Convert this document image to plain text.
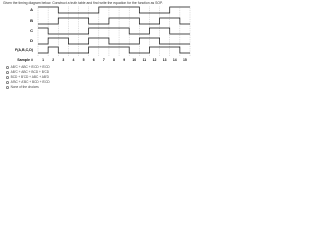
Given the timing diagram below. Construct a truth table and find write the equation for the function as SOP.
A
B
C
D
F(A,B,C,D)
Sample #	1 2 3 4 5 6 7 8 9 10 11 12 13 14 15
AB'C + ABC + B'CD + B'CD
AB'C + ABC + BCD + B'CD
BCD + B'CD + ABC + AB'D
A'BC + A'BC + BCD + B'CD
None of the choices
